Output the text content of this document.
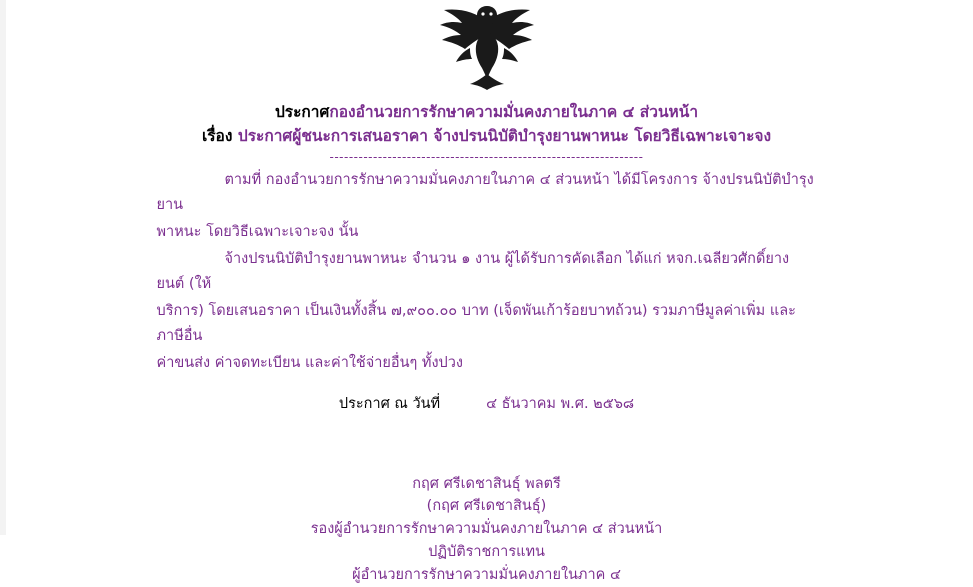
ประกาศกองอำนวยการรักษาความมั่นคงภายในภาค ๔ ส่วนหน้า
เรื่อง ประกาศผู้ชนะการเสนอราคา จ้างปรนนิบัติบำรุงยานพาหนะ โดยวิธีเฉพาะเจาะจง
-----------------------------------------------------------------
ตามที่ กองอำนวยการรักษาความมั่นคงภายในภาค ๔ ส่วนหน้า ได้มีโครงการ จ้างปรนนิบัติบำรุงยาน
พาหนะ โดยวิธีเฉพาะเจาะจง นั้น
จ้างปรนนิบัติบำรุงยานพาหนะ จำนวน ๑ งาน ผู้ได้รับการคัดเลือก ได้แก่ หจก.เฉลียวศักดิ์ยางยนต์ (ให้
บริการ) โดยเสนอราคา เป็นเงินทั้งสิ้น ๗,๙๐๐.๐๐ บาท (เจ็ดพันเก้าร้อยบาทถ้วน) รวมภาษีมูลค่าเพิ่ม และภาษีอื่น
ค่าขนส่ง ค่าจดทะเบียน และค่าใช้จ่ายอื่นๆ ทั้งปวง
ประกาศ ณ วันที่	๔ ธันวาคม พ.ศ. ๒๕๖๘
กฤศ ศรีเดชาสินธุ์ พลตรี
(กฤศ ศรีเดชาสินธุ์)
รองผู้อำนวยการรักษาความมั่นคงภายในภาค ๔ ส่วนหน้า
ปฏิบัติราชการแทน
ผู้อำนวยการรักษาความมั่นคงภายในภาค ๔
